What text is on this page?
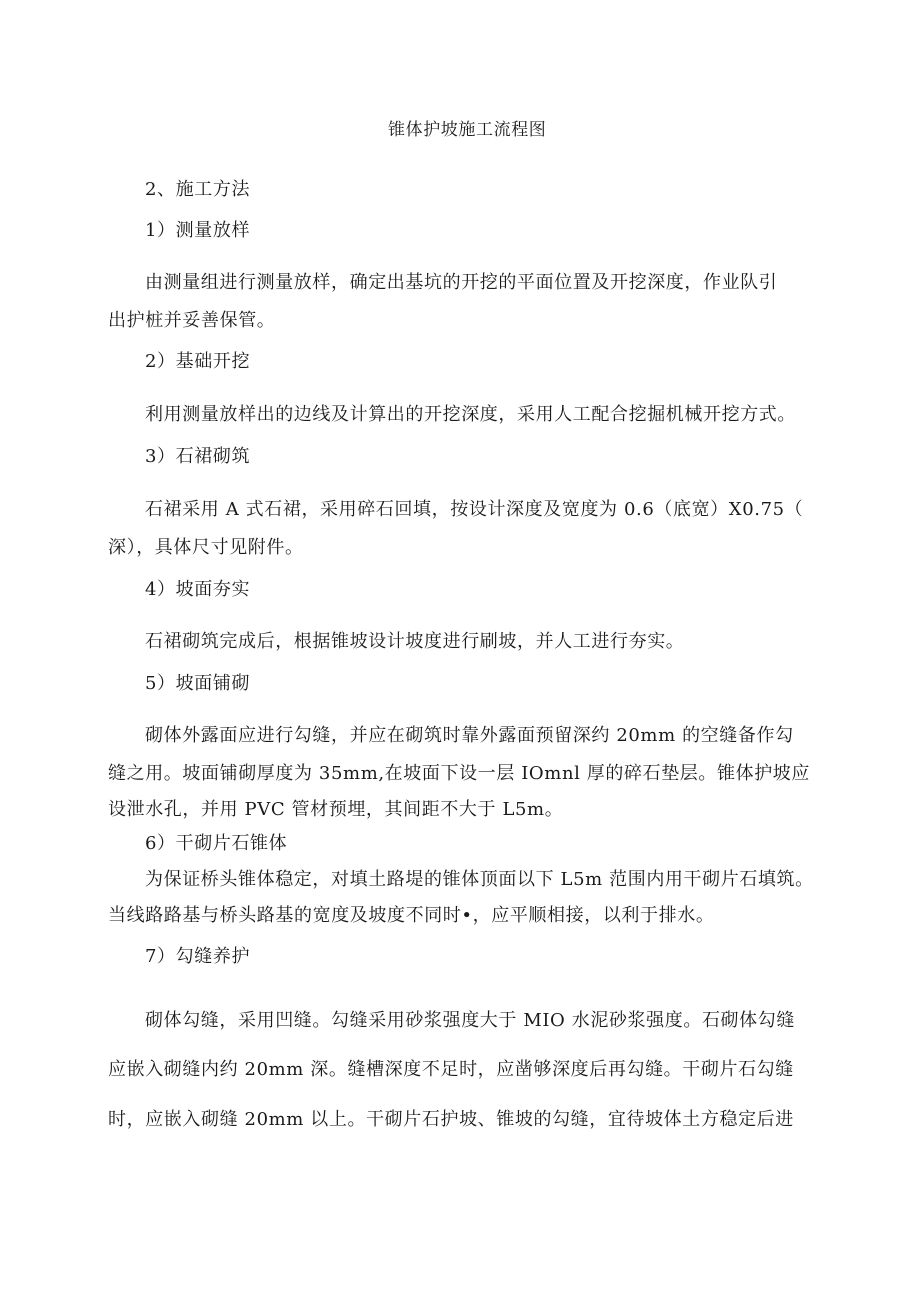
锥体护坡施工流程图
2、施工方法
1）测量放样
由测量组进行测量放样，确定出基坑的开挖的平面位置及开挖深度，作业队引
出护桩并妥善保管。
2）基础开挖
利用测量放样出的边线及计算出的开挖深度，采用人工配合挖掘机械开挖方式。
3）石裙砌筑
石裙采用 A 式石裙，采用碎石回填，按设计深度及宽度为 0.6（底宽）X0.75（
深），具体尺寸见附件。
4）坡面夯实
石裙砌筑完成后，根据锥坡设计坡度进行刷坡，并人工进行夯实。
5）坡面铺砌
砌体外露面应进行勾缝，并应在砌筑时靠外露面预留深约 20mm 的空缝备作勾
缝之用。坡面铺砌厚度为 35mm,在坡面下设一层 IOmnl 厚的碎石垫层。锥体护坡应
设泄水孔，并用 PVC 管材预埋，其间距不大于 L5m。
6）干砌片石锥体
为保证桥头锥体稳定，对填土路堤的锥体顶面以下 L5m 范围内用干砌片石填筑。
当线路路基与桥头路基的宽度及坡度不同时•，应平顺相接，以利于排水。
7）勾缝养护
砌体勾缝，采用凹缝。勾缝采用砂浆强度大于 MIO 水泥砂浆强度。石砌体勾缝
应嵌入砌缝内约 20mm 深。缝槽深度不足时，应凿够深度后再勾缝。干砌片石勾缝
时，应嵌入砌缝 20mm 以上。干砌片石护坡、锥坡的勾缝，宜待坡体土方稳定后进
